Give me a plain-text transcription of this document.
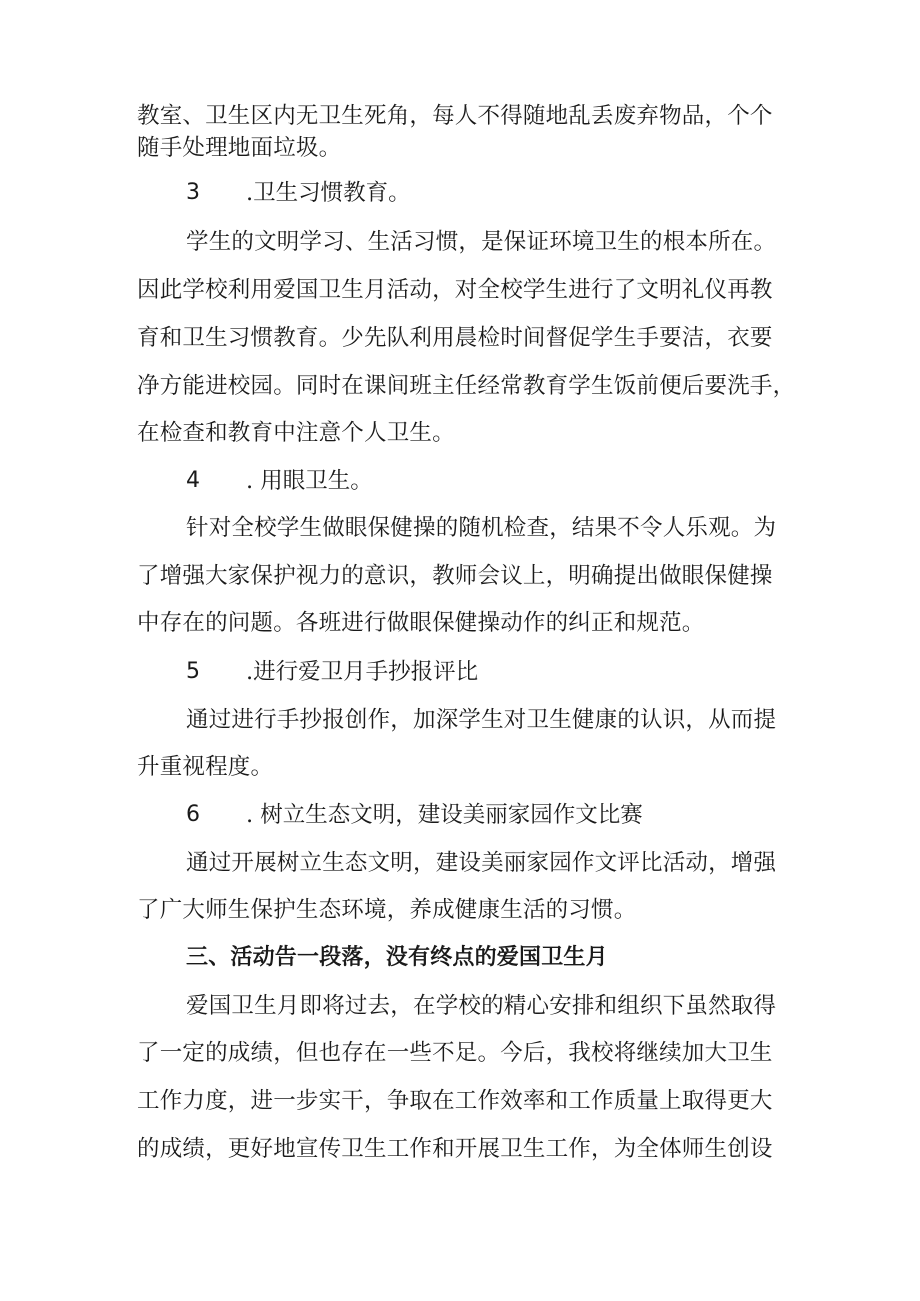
教室、卫生区内无卫生死角，每人不得随地乱丢废弃物品，个个
随手处理地面垃圾。
3 .卫生习惯教育。
学生的文明学习、生活习惯，是保证环境卫生的根本所在。
因此学校利用爱国卫生月活动，对全校学生进行了文明礼仪再教
育和卫生习惯教育。少先队利用晨检时间督促学生手要洁，衣要
净方能进校园。同时在课间班主任经常教育学生饭前便后要洗手，
在检查和教育中注意个人卫生。
4 . 用眼卫生。
针对全校学生做眼保健操的随机检查，结果不令人乐观。为
了增强大家保护视力的意识，教师会议上，明确提出做眼保健操
中存在的问题。各班进行做眼保健操动作的纠正和规范。
5 .进行爱卫月手抄报评比
通过进行手抄报创作，加深学生对卫生健康的认识，从而提
升重视程度。
6 . 树立生态文明，建设美丽家园作文比赛
通过开展树立生态文明，建设美丽家园作文评比活动，增强
了广大师生保护生态环境，养成健康生活的习惯。
三、活动告一段落，没有终点的爱国卫生月
爱国卫生月即将过去，在学校的精心安排和组织下虽然取得
了一定的成绩，但也存在一些不足。今后，我校将继续加大卫生
工作力度，进一步实干，争取在工作效率和工作质量上取得更大
的成绩，更好地宣传卫生工作和开展卫生工作，为全体师生创设
